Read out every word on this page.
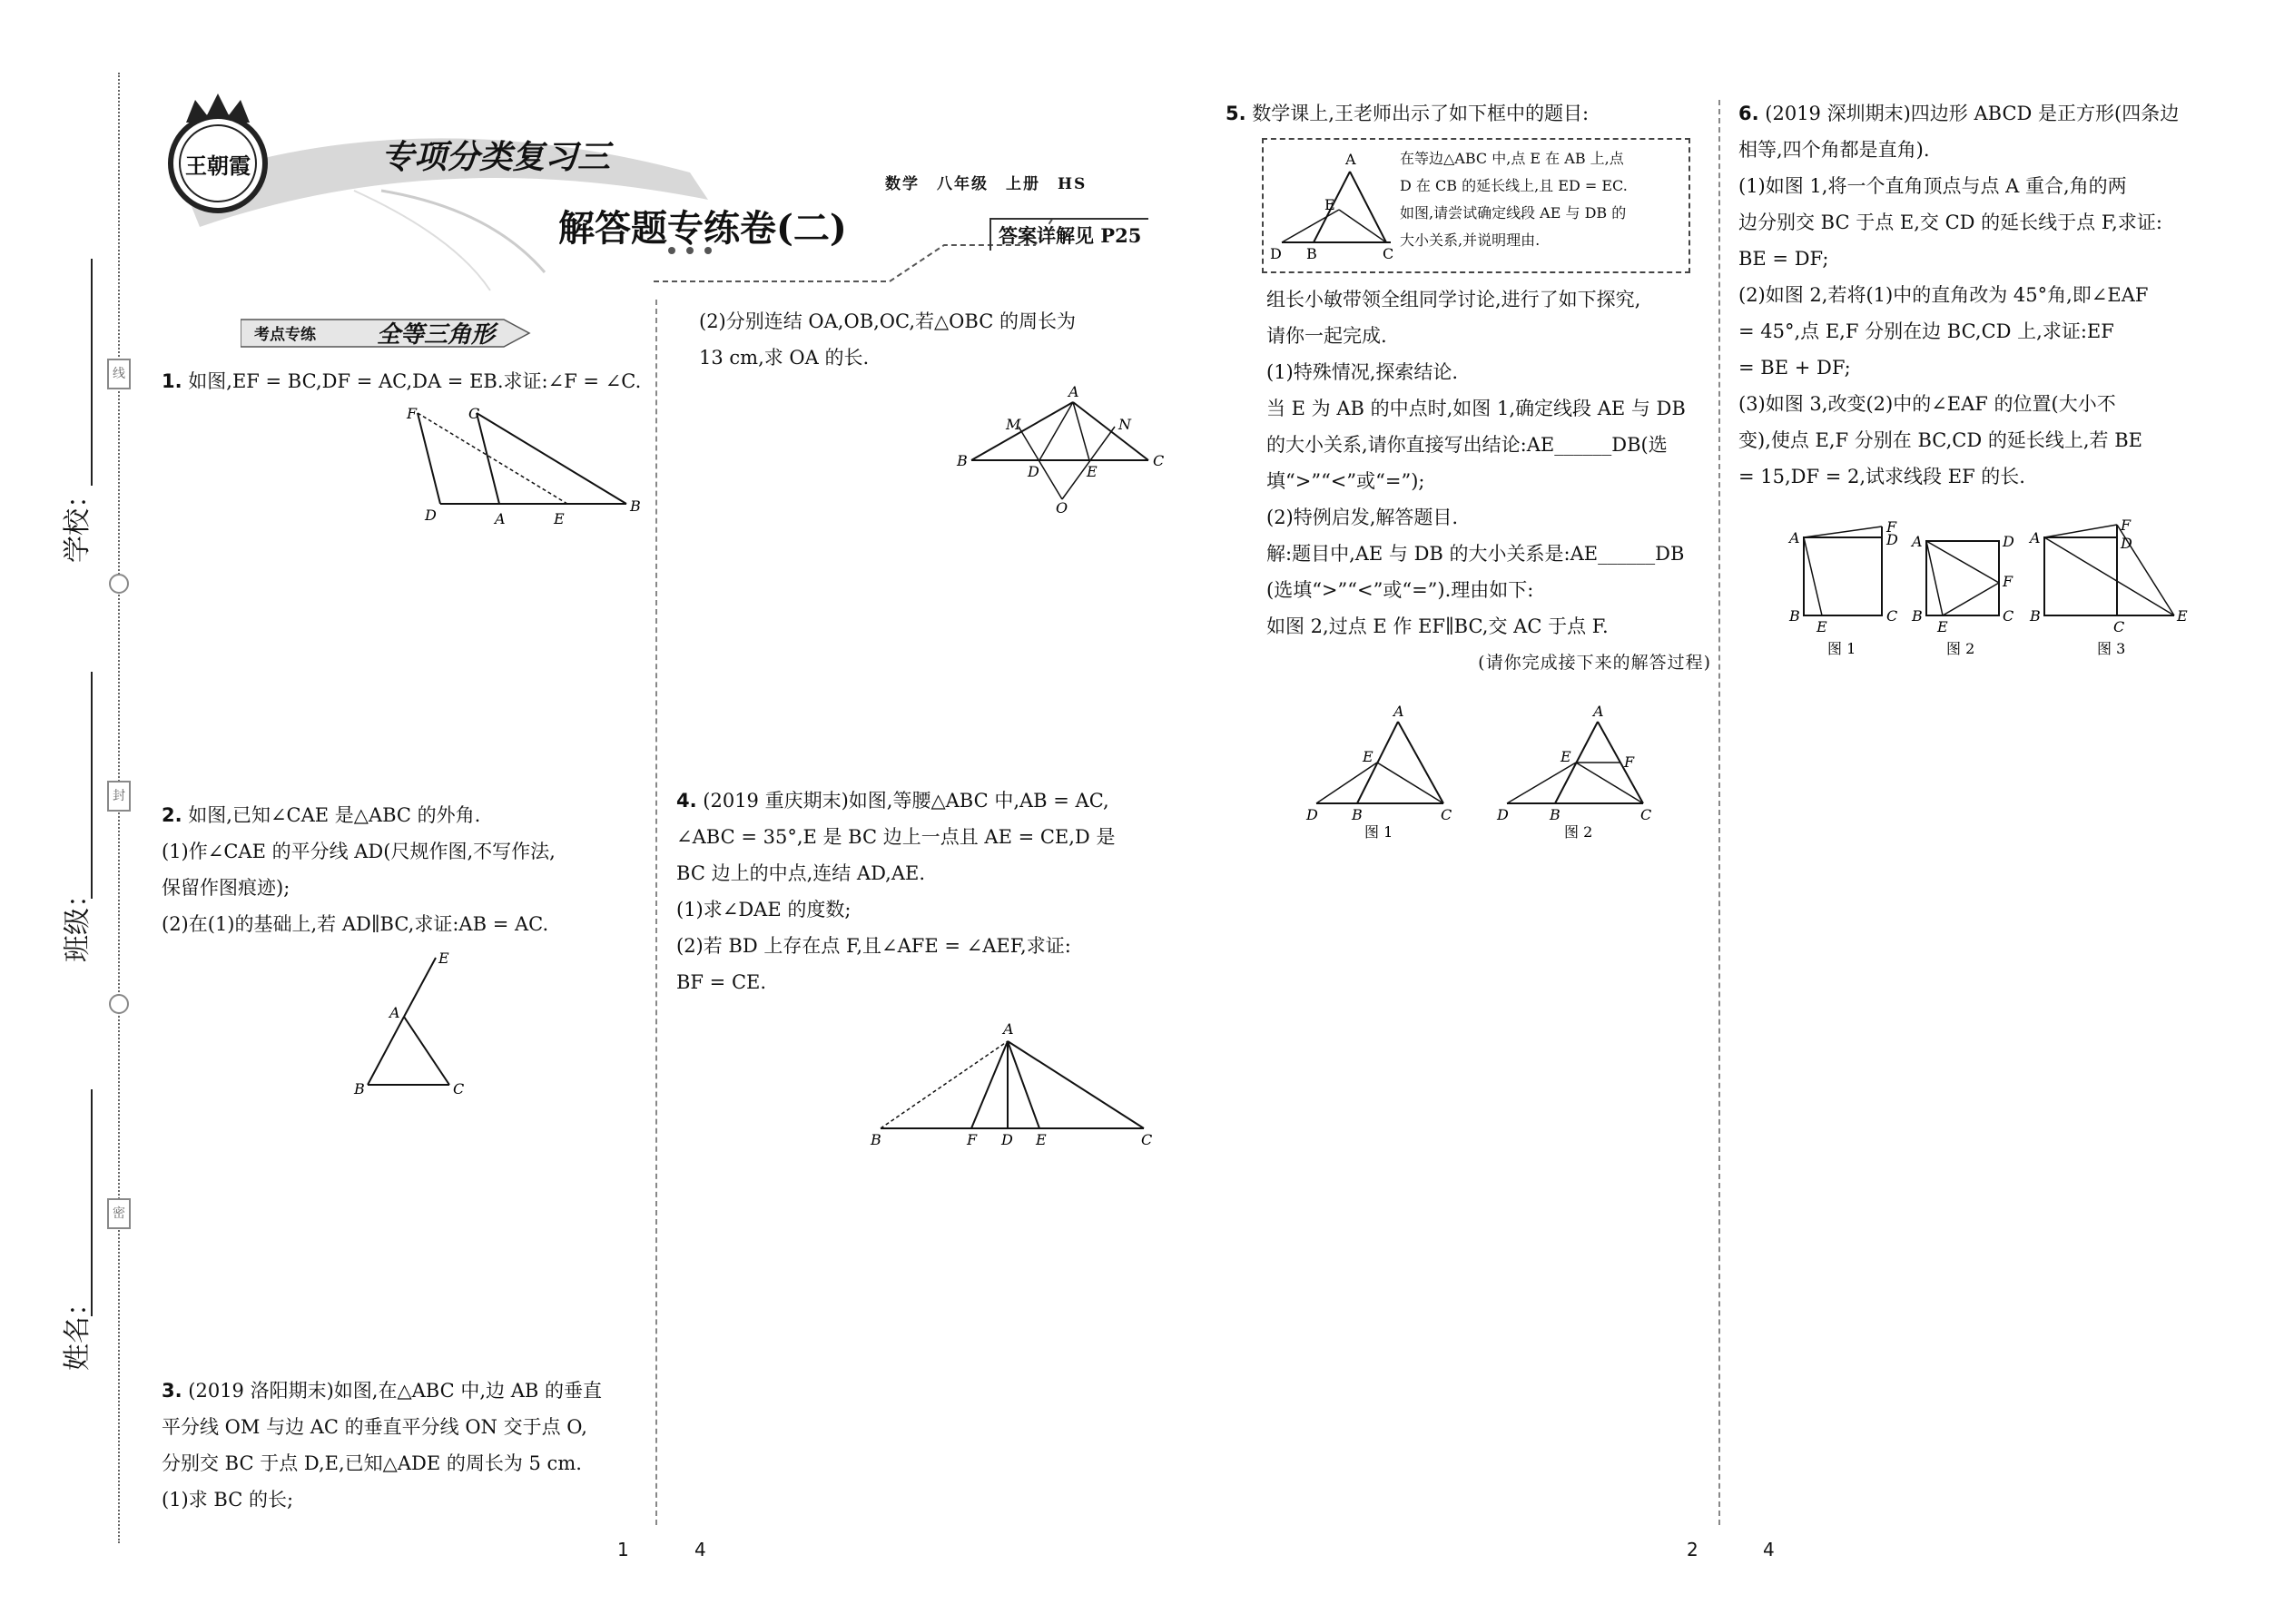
学校：
班级：
姓名：
线
封
密
王朝霞	专项分类复习三
解答题专练卷(二)
数学　八年级　上册　HS
答案详解见 P25
考点专练	全等三角形

1. 如图,EF = BC,DF = AC,DA = EB.求证:∠F = ∠C.

F	C
D	A	E
B

2. 如图,已知∠CAE 是△ABC 的外角.

(1)作∠CAE 的平分线 AD(尺规作图,不写作法,

保留作图痕迹);

(2)在(1)的基础上,若 AD∥BC,求证:AB = AC.

E
A
B	C

3. (2019 洛阳期末)如图,在△ABC 中,边 AB 的垂直

平分线 OM 与边 AC 的垂直平分线 ON 交于点 O,

分别交 BC 于点 D,E,已知△ADE 的周长为 5 cm.

(1)求 BC 的长;

(2)分别连结 OA,OB,OC,若△OBC 的周长为

13 cm,求 OA 的长.

B	C
A
M	N
D	E
O

4. (2019 重庆期末)如图,等腰△ABC 中,AB = AC,

∠ABC = 35°,E 是 BC 边上一点且 AE = CE,D 是

BC 边上的中点,连结 AD,AE.

(1)求∠DAE 的度数;

(2)若 BD 上存在点 F,且∠AFE = ∠AEF,求证:

BF = CE.

A
B	F D E	C

5. 数学课上,王老师出示了如下框中的题目:

A
E
D B	C
在等边△ABC 中,点 E 在 AB 上,点
D 在 CB 的延长线上,且 ED = EC.
如图,请尝试确定线段 AE 与 DB 的
大小关系,并说明理由.

组长小敏带领全组同学讨论,进行了如下探究,

请你一起完成.

(1)特殊情况,探索结论.

当 E 为 AB 的中点时,如图 1,确定线段 AE 与 DB

的大小关系,请你直接写出结论:AE______DB(选

填“>”“<”或“=”);

(2)特例启发,解答题目.

解:题目中,AE 与 DB 的大小关系是:AE______DB

(选填“>”“<”或“=”).理由如下:

如图 2,过点 E 作 EF∥BC,交 AC 于点 F.

(请你完成接下来的解答过程)

A
E
D B	C
图 1
A
E	F
D	B	C
图 2

6. (2019 深圳期末)四边形 ABCD 是正方形(四条边

相等,四个角都是直角).

(1)如图 1,将一个直角顶点与点 A 重合,角的两

边分别交 BC 于点 E,交 CD 的延长线于点 F,求证:

BE = DF;

(2)如图 2,若将(1)中的直角改为 45°角,即∠EAF

= 45°,点 E,F 分别在边 BC,CD 上,求证:EF

= BE + DF;

(3)如图 3,改变(2)中的∠EAF 的位置(大小不

变),使点 E,F 分别在 BC,CD 的延长线上,若 BE

= 15,DF = 2,试求线段 EF 的长.

F
A	D
B
E
C
图 1
A	D
F
B
E
C
图 2
F
A	D
B
C
E
图 3
1	4	2	4
